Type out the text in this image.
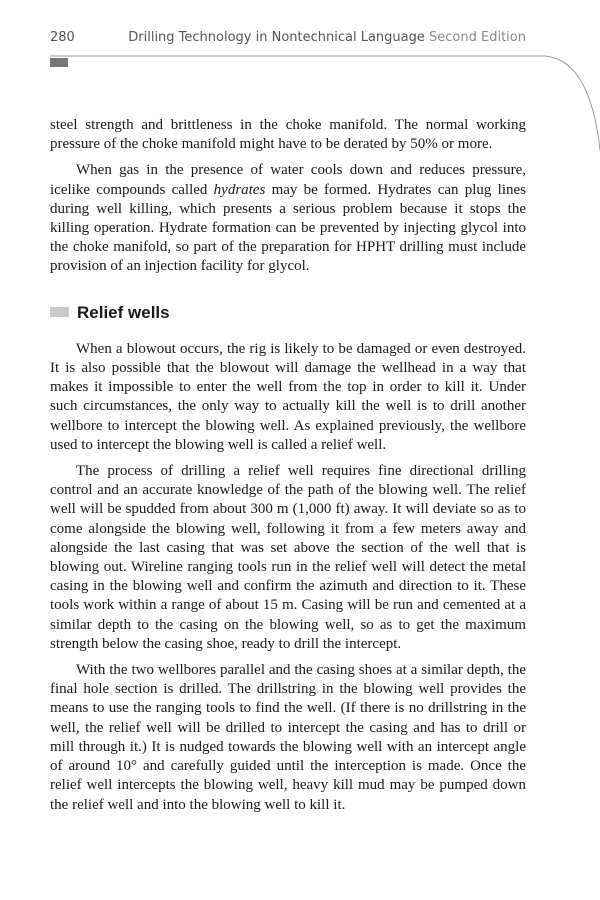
280	Drilling Technology in Nontechnical Language Second Edition

steel strength and brittleness in the choke manifold. The normal working pressure of the choke manifold might have to be derated by 50% or more.

When gas in the presence of water cools down and reduces pressure, icelike compounds called hydrates may be formed. Hydrates can plug lines during well killing, which presents a serious problem because it stops the killing operation. Hydrate formation can be prevented by injecting glycol into the choke manifold, so part of the preparation for HPHT drilling must include provision of an injection facility for glycol.

Relief wells

When a blowout occurs, the rig is likely to be damaged or even destroyed. It is also possible that the blowout will damage the wellhead in a way that makes it impossible to enter the well from the top in order to kill it. Under such circumstances, the only way to actually kill the well is to drill another wellbore to intercept the blowing well. As explained previously, the wellbore used to intercept the blowing well is called a relief well.

The process of drilling a relief well requires fine directional drilling control and an accurate knowledge of the path of the blowing well. The relief well will be spudded from about 300 m (1,000 ft) away. It will deviate so as to come alongside the blowing well, following it from a few meters away and alongside the last casing that was set above the section of the well that is blowing out. Wireline ranging tools run in the relief well will detect the metal casing in the blowing well and confirm the azimuth and direction to it. These tools work within a range of about 15 m. Casing will be run and cemented at a similar depth to the casing on the blowing well, so as to get the maximum strength below the casing shoe, ready to drill the intercept.

With the two wellbores parallel and the casing shoes at a similar depth, the final hole section is drilled. The drillstring in the blowing well provides the means to use the ranging tools to find the well. (If there is no drillstring in the well, the relief well will be drilled to intercept the casing and has to drill or mill through it.) It is nudged towards the blowing well with an intercept angle of around 10° and carefully guided until the interception is made. Once the relief well intercepts the blowing well, heavy kill mud may be pumped down the relief well and into the blowing well to kill it.
